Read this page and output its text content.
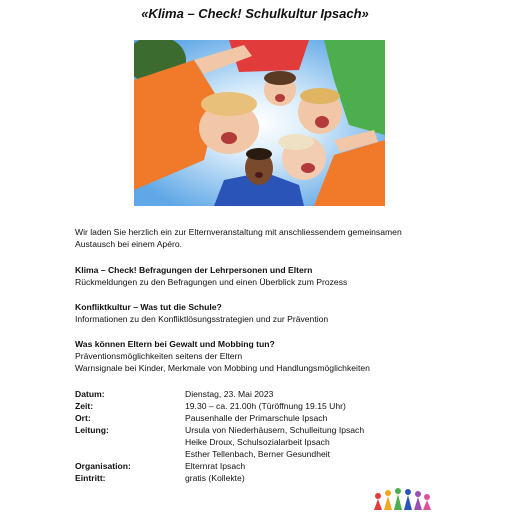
«Klima – Check! Schulkultur Ipsach»
Wir laden Sie herzlich ein zur Elternveranstaltung mit anschliessendem gemeinsamen
Austausch bei einem Apéro.
Klima – Check! Befragungen der Lehrpersonen und Eltern
Rückmeldungen zu den Befragungen und einen Überblick zum Prozess
Konfliktkultur – Was tut die Schule?
Informationen zu den Konfliktlösungsstrategien und zur Prävention
Was können Eltern bei Gewalt und Mobbing tun?
Präventionsmöglichkeiten seitens der Eltern
Warnsignale bei Kinder, Merkmale von Mobbing und Handlungsmöglichkeiten
Datum:	Dienstag, 23. Mai 2023
Zeit:	19.30 – ca. 21.00h (Türöffnung 19.15 Uhr)
Ort:	Pausenhalle der Primarschule Ipsach
Leitung:	Ursula von Niederhäusern, Schulleitung Ipsach
Heike Droux, Schulsozialarbeit Ipsach
Esther Tellenbach, Berner Gesundheit
Organisation:	Elternrat Ipsach
Eintritt:	gratis (Kollekte)
